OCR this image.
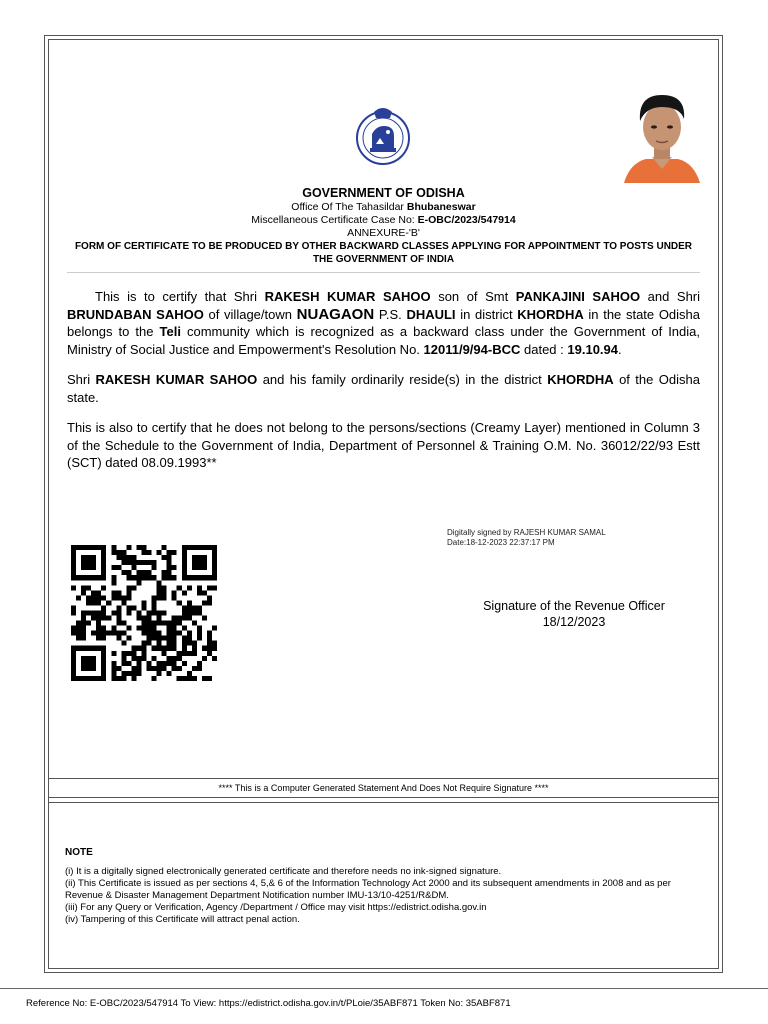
GOVERNMENT OF ODISHA
Office Of The Tahasildar Bhubaneswar
Miscellaneous Certificate Case No: E-OBC/2023/547914
ANNEXURE-'B'
FORM OF CERTIFICATE TO BE PRODUCED BY OTHER BACKWARD CLASSES APPLYING FOR APPOINTMENT TO POSTS UNDER THE GOVERNMENT OF INDIA

This is to certify that Shri RAKESH KUMAR SAHOO son of Smt PANKAJINI SAHOO and Shri BRUNDABAN SAHOO of village/town NUAGAON P.S. DHAULI in district KHORDHA in the state Odisha belongs to the Teli community which is recognized as a backward class under the Government of India, Ministry of Social Justice and Empowerment's Resolution No. 12011/9/94-BCC dated : 19.10.94.

Shri RAKESH KUMAR SAHOO and his family ordinarily reside(s) in the district KHORDHA of the Odisha state.

This is also to certify that he does not belong to the persons/sections (Creamy Layer) mentioned in Column 3 of the Schedule to the Government of India, Department of Personnel & Training O.M. No. 36012/22/93 Estt (SCT) dated 08.09.1993**

Digitally signed by RAJESH KUMAR SAMAL
Date:18-12-2023 22:37:17 PM
Signature of the Revenue Officer
18/12/2023
**** This is a Computer Generated Statement And Does Not Require Signature ****
NOTE
(i) It is a digitally signed electronically generated certificate and therefore needs no ink-signed signature.
(ii) This Certificate is issued as per sections 4, 5,& 6 of the Information Technology Act 2000 and its subsequent amendments in 2008 and as per Revenue & Disaster Management Department Notification number IMU-13/10-4251/R&DM.
(iii) For any Query or Verification, Agency /Department / Office may visit https://edistrict.odisha.gov.in
(iv) Tampering of this Certificate will attract penal action.
Reference No: E-OBC/2023/547914 To View: https://edistrict.odisha.gov.in/t/PLoie/35ABF871 Token No: 35ABF871
